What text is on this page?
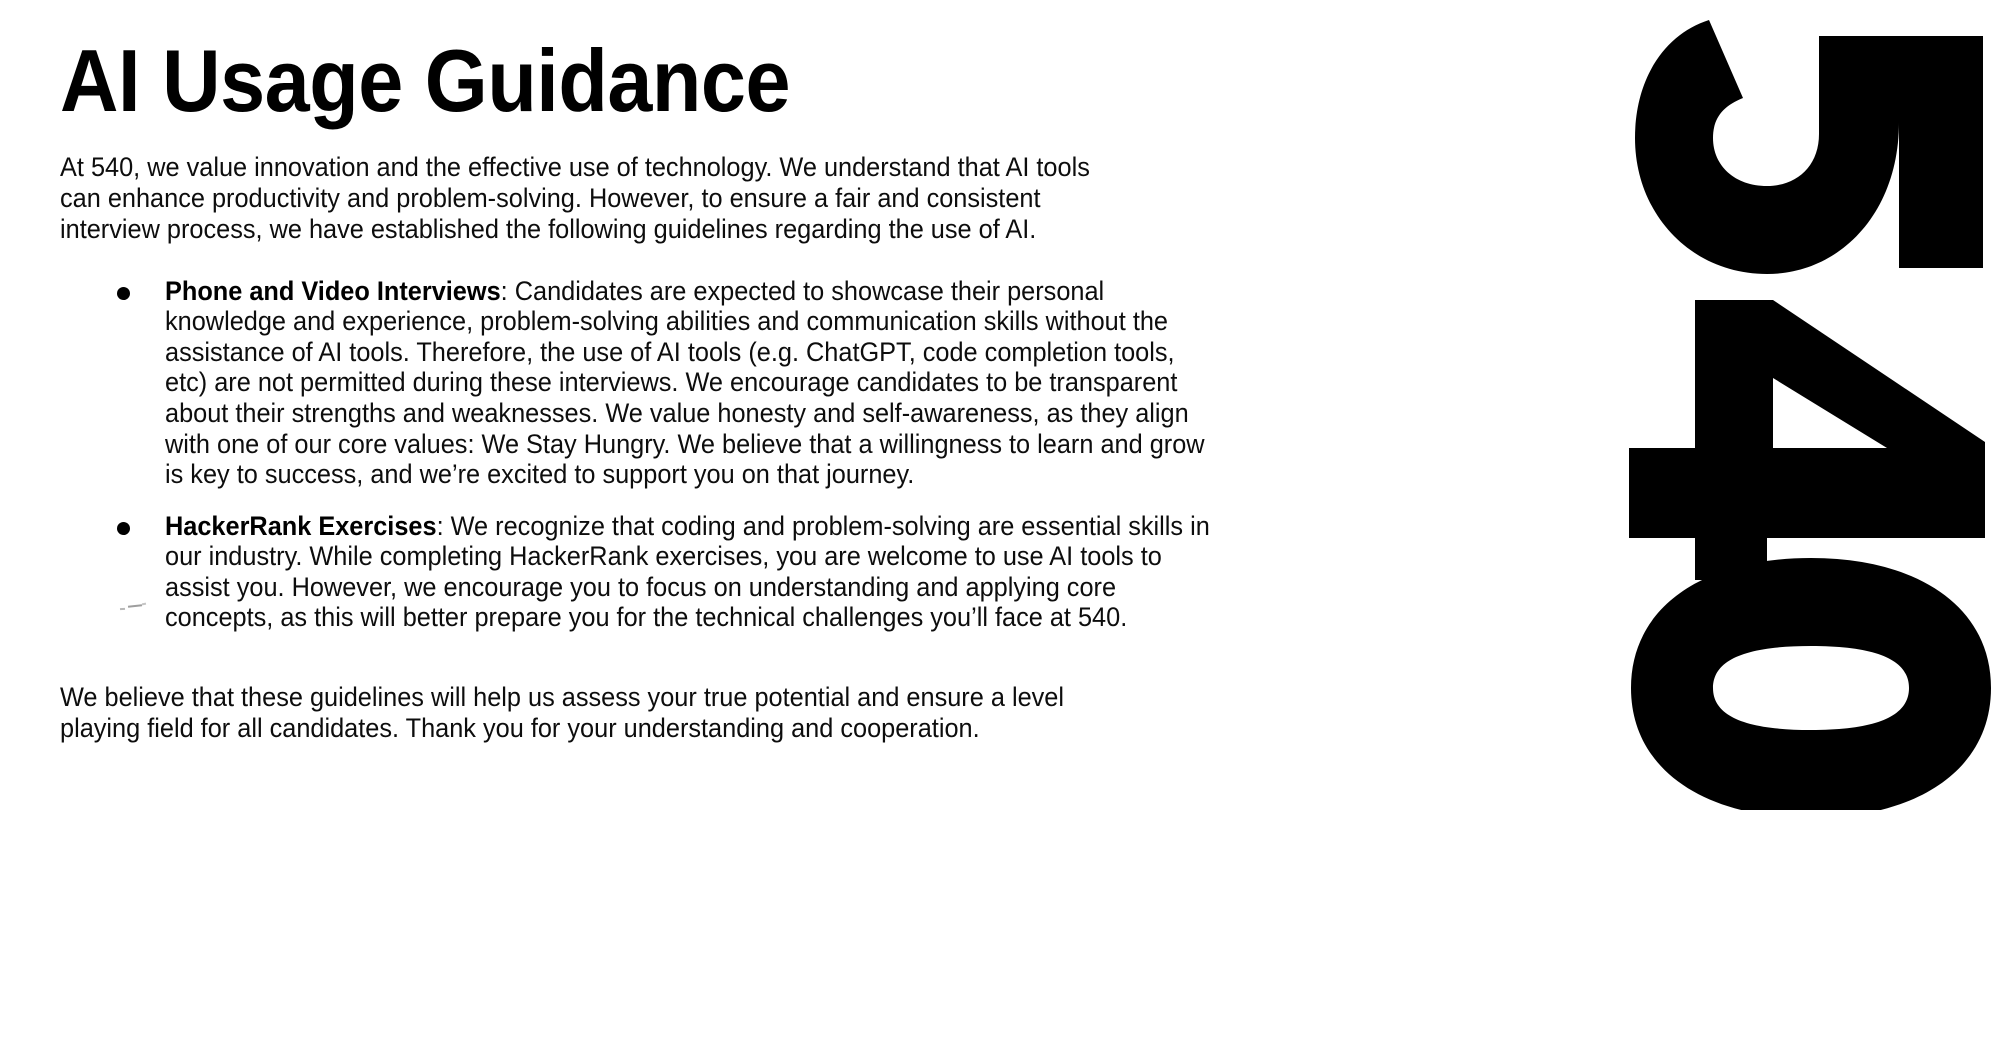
AI Usage Guidance

At 540, we value innovation and the effective use of technology. We understand that AI tools
can enhance productivity and problem-solving. However, to ensure a fair and consistent
interview process, we have established the following guidelines regarding the use of AI.

Phone and Video Interviews: Candidates are expected to showcase their personal
knowledge and experience, problem-solving abilities and communication skills without the
assistance of AI tools. Therefore, the use of AI tools (e.g. ChatGPT, code completion tools,
etc) are not permitted during these interviews. We encourage candidates to be transparent
about their strengths and weaknesses. We value honesty and self-awareness, as they align
with one of our core values: We Stay Hungry. We believe that a willingness to learn and grow
is key to success, and we’re excited to support you on that journey.
HackerRank Exercises: We recognize that coding and problem-solving are essential skills in
our industry. While completing HackerRank exercises, you are welcome to use AI tools to
assist you. However, we encourage you to focus on understanding and applying core
concepts, as this will better prepare you for the technical challenges you’ll face at 540.

We believe that these guidelines will help us assess your true potential and ensure a level
playing field for all candidates. Thank you for your understanding and cooperation.
